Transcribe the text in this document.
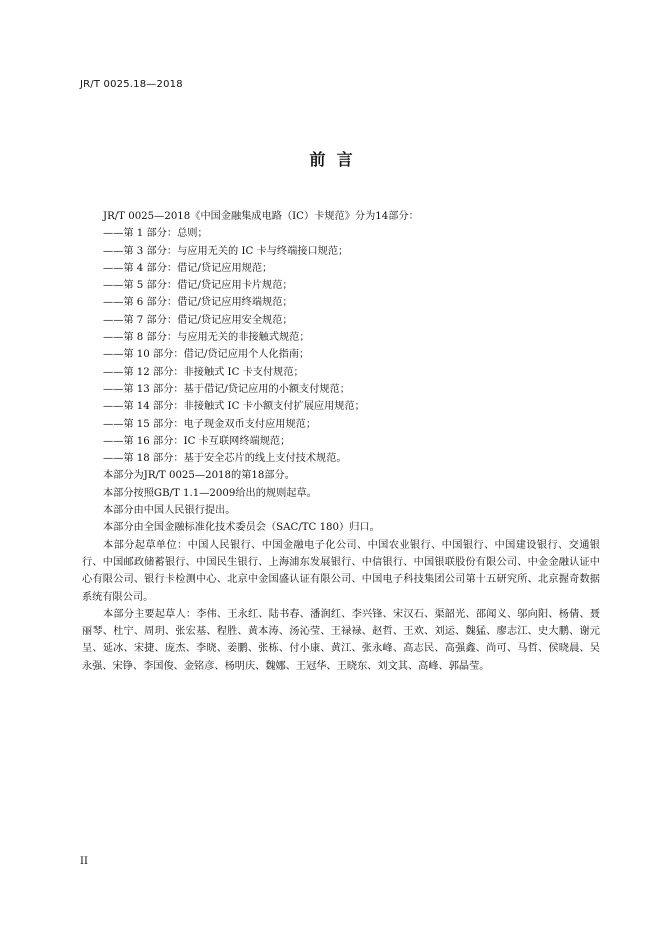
JR/T 0025.18—2018
前  言

JR/T 0025—2018《中国金融集成电路（IC）卡规范》分为14部分：

——第 1 部分：总则；
——第 3 部分：与应用无关的 IC 卡与终端接口规范；
——第 4 部分：借记/贷记应用规范；
——第 5 部分：借记/贷记应用卡片规范；
——第 6 部分：借记/贷记应用终端规范；
——第 7 部分：借记/贷记应用安全规范；
——第 8 部分：与应用无关的非接触式规范；
——第 10 部分：借记/贷记应用个人化指南；
——第 12 部分：非接触式 IC 卡支付规范；
——第 13 部分：基于借记/贷记应用的小额支付规范；
——第 14 部分：非接触式 IC 卡小额支付扩展应用规范；
——第 15 部分：电子现金双币支付应用规范；
——第 16 部分：IC 卡互联网终端规范；
——第 18 部分：基于安全芯片的线上支付技术规范。

本部分为JR/T 0025—2018的第18部分。

本部分按照GB/T 1.1—2009给出的规则起草。

本部分由中国人民银行提出。

本部分由全国金融标准化技术委员会（SAC/TC 180）归口。

本部分起草单位：中国人民银行、中国金融电子化公司、中国农业银行、中国银行、中国建设银行、交通银行、中国邮政储蓄银行、中国民生银行、上海浦东发展银行、中信银行、中国银联股份有限公司、中金金融认证中心有限公司、银行卡检测中心、北京中金国盛认证有限公司、中国电子科技集团公司第十五研究所、北京握奇数据系统有限公司。

本部分主要起草人：李伟、王永红、陆书春、潘润红、李兴锋、宋汉石、渠韶光、邵闻义、邬向阳、杨倩、聂丽琴、杜宁、周玥、张宏基、程胜、黄本涛、汤沁莹、王禄禄、赵哲、王欢、刘运、魏猛、廖志江、史大鹏、谢元呈、延冰、宋捷、庞杰、李晓、姜鹏、张栋、付小康、黄江、张永峰、高志民、高强鑫、尚可、马哲、侯晓晨、吴永强、宋铮、李国俊、金铭彦、杨明庆、魏娜、王冠华、王晓东、刘文其、高峰、郭晶莹。

II
